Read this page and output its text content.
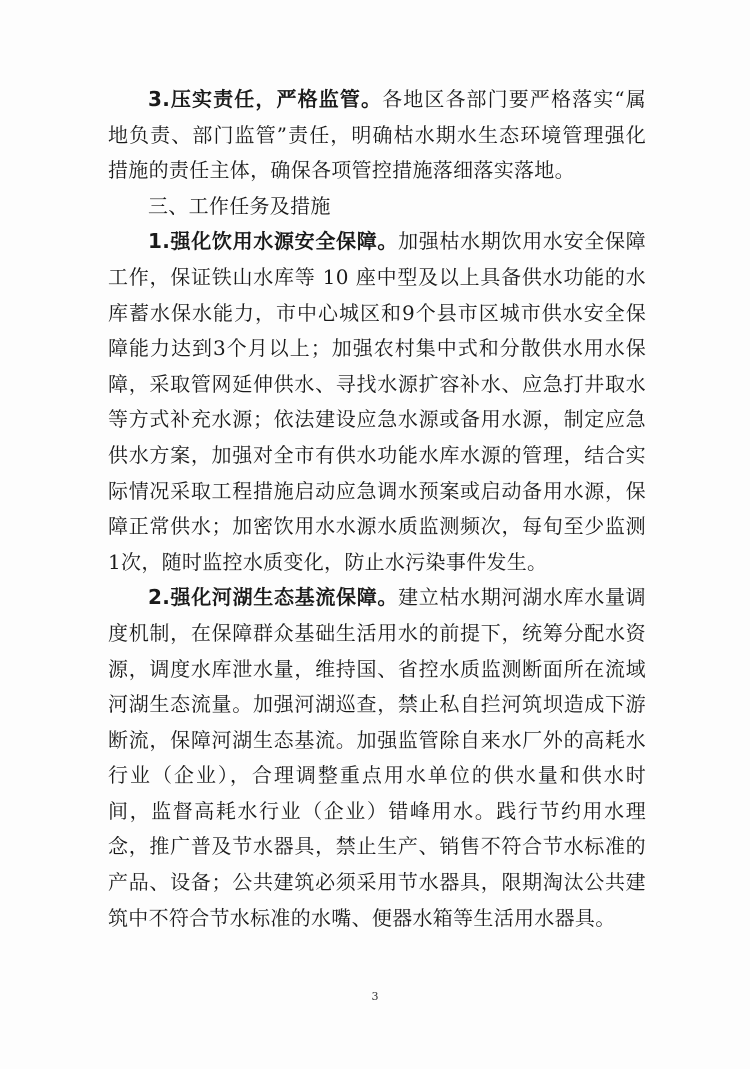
3.压实责任，严格监管。各地区各部门要严格落实“属地负责、部门监管”责任，明确枯水期水生态环境管理强化措施的责任主体，确保各项管控措施落细落实落地。

三、工作任务及措施

1.强化饮用水源安全保障。加强枯水期饮用水安全保障工作，保证铁山水库等 10 座中型及以上具备供水功能的水库蓄水保水能力，市中心城区和9个县市区城市供水安全保障能力达到3个月以上；加强农村集中式和分散供水用水保障，采取管网延伸供水、寻找水源扩容补水、应急打井取水等方式补充水源；依法建设应急水源或备用水源，制定应急供水方案，加强对全市有供水功能水库水源的管理，结合实际情况采取工程措施启动应急调水预案或启动备用水源，保障正常供水；加密饮用水水源水质监测频次，每旬至少监测1次，随时监控水质变化，防止水污染事件发生。

2.强化河湖生态基流保障。建立枯水期河湖水库水量调度机制，在保障群众基础生活用水的前提下，统筹分配水资源，调度水库泄水量，维持国、省控水质监测断面所在流域河湖生态流量。加强河湖巡查，禁止私自拦河筑坝造成下游断流，保障河湖生态基流。加强监管除自来水厂外的高耗水行业（企业），合理调整重点用水单位的供水量和供水时间，监督高耗水行业（企业）错峰用水。践行节约用水理念，推广普及节水器具，禁止生产、销售不符合节水标准的产品、设备；公共建筑必须采用节水器具，限期淘汰公共建筑中不符合节水标准的水嘴、便器水箱等生活用水器具。

3
